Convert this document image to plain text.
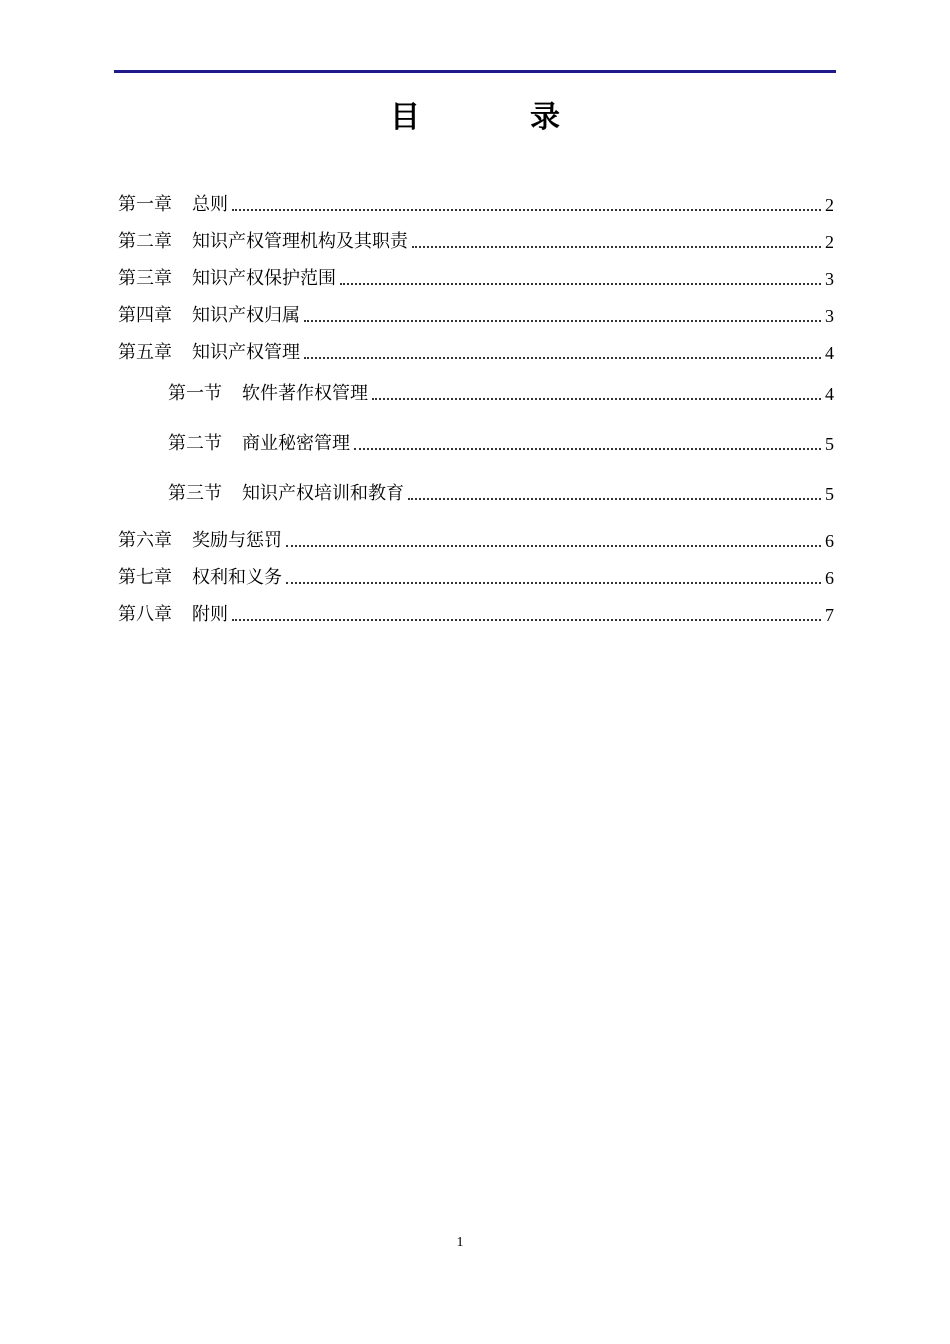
目　录
第一章 总则	2
第二章 知识产权管理机构及其职责	2
第三章 知识产权保护范围	3
第四章 知识产权归属	3
第五章 知识产权管理	4
第一节 软件著作权管理	4
第二节 商业秘密管理	5
第三节 知识产权培训和教育	5
第六章 奖励与惩罚	6
第七章 权利和义务	6
第八章 附则	7
1
